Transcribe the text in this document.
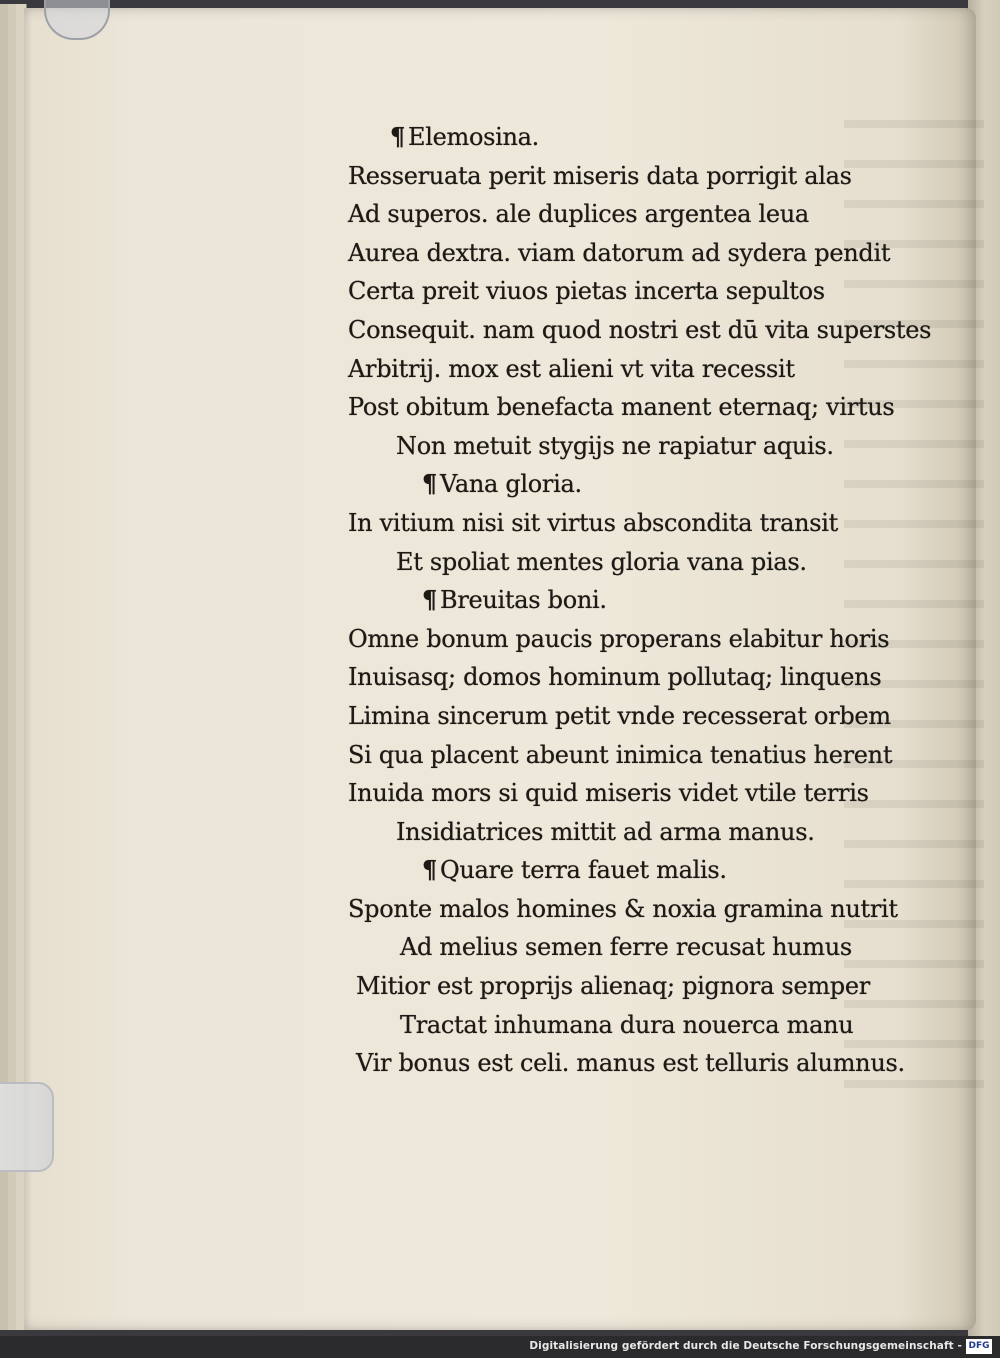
¶ Elemosina.
Resseruata perit miseris data porrigit alas
Ad superos. ale duplices argentea leua
Aurea dextra. viam datorum ad sydera pendit
Certa preit viuos pietas incerta sepultos
Consequit. nam quod nostri est dū vita superstes
Arbitrij. mox est alieni vt vita recessit
Post obitum benefacta manent eternaq; virtus
Non metuit stygijs ne rapiatur aquis.
¶ Vana gloria.
In vitium nisi sit virtus abscondita transit
Et spoliat mentes gloria vana pias.
¶ Breuitas boni.
Omne bonum paucis properans elabitur horis
Inuisasq; domos hominum pollutaq; linquens
Limina sincerum petit vnde recesserat orbem
Si qua placent abeunt inimica tenatius herent
Inuida mors si quid miseris videt vtile terris
Insidiatrices mittit ad arma manus.
¶ Quare terra fauet malis.
Sponte malos homines & noxia gramina nutrit
Ad melius semen ferre recusat humus
Mitior est proprijs alienaq; pignora semper
Tractat inhumana dura nouerca manu
Vir bonus est celi. manus est telluris alumnus.
Digitalisierung gefördert durch die Deutsche Forschungsgemeinschaft - DFG
